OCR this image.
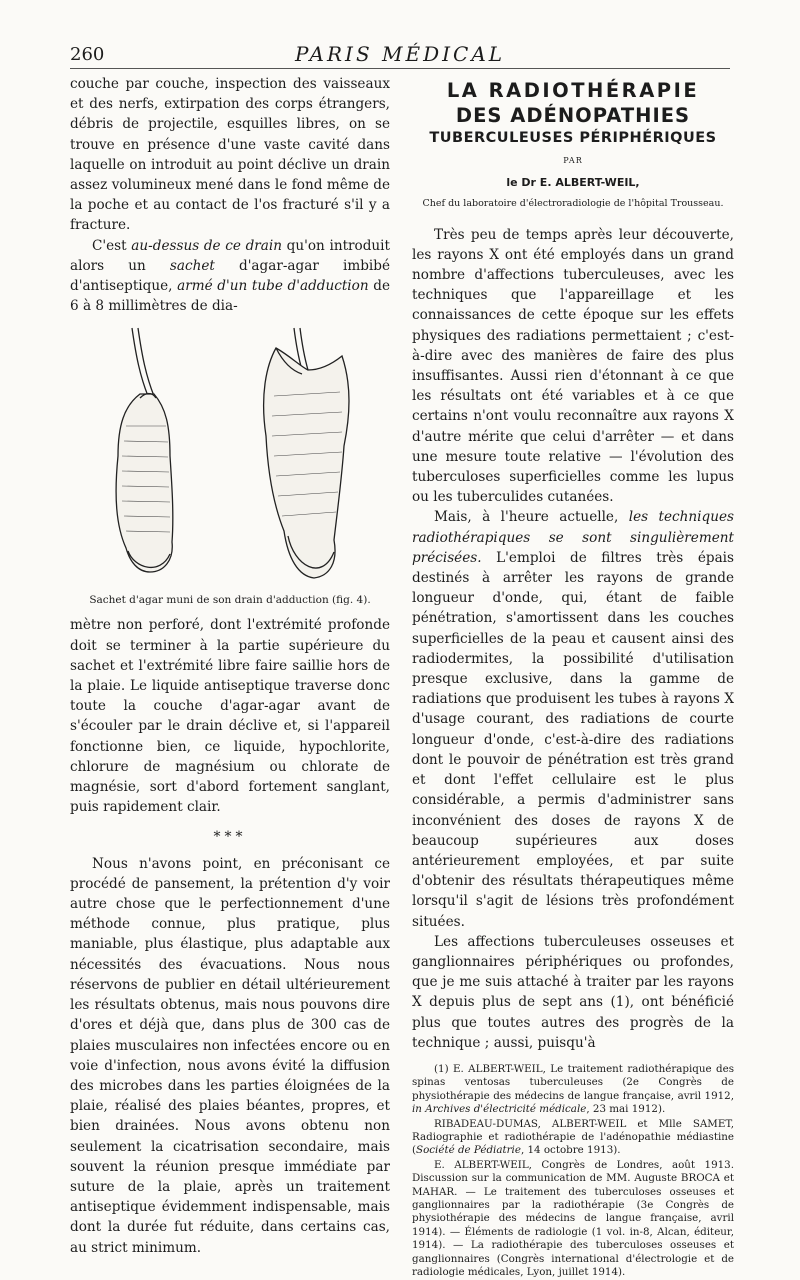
260	PARIS MÉDICAL

couche par couche, inspection des vaisseaux et des nerfs, extirpation des corps étrangers, débris de projectile, esquilles libres, on se trouve en présence d'une vaste cavité dans laquelle on introduit au point déclive un drain assez volumineux mené dans le fond même de la poche et au contact de l'os fracturé s'il y a fracture.

C'est au-dessus de ce drain qu'on introduit alors un sachet d'agar-agar imbibé d'antiseptique, armé d'un tube d'adduction de 6 à 8 millimètres de dia-

Sachet d'agar muni de son drain d'adduction (fig. 4).

mètre non perforé, dont l'extrémité profonde doit se terminer à la partie supérieure du sachet et l'extrémité libre faire saillie hors de la plaie. Le liquide antiseptique traverse donc toute la couche d'agar-agar avant de s'écouler par le drain déclive et, si l'appareil fonctionne bien, ce liquide, hypochlorite, chlorure de magnésium ou chlorate de magnésie, sort d'abord fortement sanglant, puis rapidement clair.

***

Nous n'avons point, en préconisant ce procédé de pansement, la prétention d'y voir autre chose que le perfectionnement d'une méthode connue, plus pratique, plus maniable, plus élastique, plus adaptable aux nécessités des évacuations. Nous nous réservons de publier en détail ultérieurement les résultats obtenus, mais nous pouvons dire d'ores et déjà que, dans plus de 300 cas de plaies musculaires non infectées encore ou en voie d'infection, nous avons évité la diffusion des microbes dans les parties éloignées de la plaie, réalisé des plaies béantes, propres, et bien drainées. Nous avons obtenu non seulement la cicatrisation secondaire, mais souvent la réunion presque immédiate par suture de la plaie, après un traitement antiseptique évidemment indispensable, mais dont la durée fut réduite, dans certains cas, au strict minimum.

LA RADIOTHÉRAPIE
DES ADÉNOPATHIES
TUBERCULEUSES PÉRIPHÉRIQUES
PAR
le Dr E. ALBERT-WEIL,
Chef du laboratoire d'électroradiologie de l'hôpital Trousseau.

Très peu de temps après leur découverte, les rayons X ont été employés dans un grand nombre d'affections tuberculeuses, avec les techniques que l'appareillage et les connaissances de cette époque sur les effets physiques des radiations permettaient ; c'est-à-dire avec des manières de faire des plus insuffisantes. Aussi rien d'étonnant à ce que les résultats ont été variables et à ce que certains n'ont voulu reconnaître aux rayons X d'autre mérite que celui d'arrêter — et dans une mesure toute relative — l'évolution des tuberculoses superficielles comme les lupus ou les tuberculides cutanées.

Mais, à l'heure actuelle, les techniques radiothérapiques se sont singulièrement précisées. L'emploi de filtres très épais destinés à arrêter les rayons de grande longueur d'onde, qui, étant de faible pénétration, s'amortissent dans les couches superficielles de la peau et causent ainsi des radiodermites, la possibilité d'utilisation presque exclusive, dans la gamme de radiations que produisent les tubes à rayons X d'usage courant, des radiations de courte longueur d'onde, c'est-à-dire des radiations dont le pouvoir de pénétration est très grand et dont l'effet cellulaire est le plus considérable, a permis d'administrer sans inconvénient des doses de rayons X de beaucoup supérieures aux doses antérieurement employées, et par suite d'obtenir des résultats thérapeutiques même lorsqu'il s'agit de lésions très profondément situées.

Les affections tuberculeuses osseuses et ganglionnaires périphériques ou profondes, que je me suis attaché à traiter par les rayons X depuis plus de sept ans (1), ont bénéficié plus que toutes autres des progrès de la technique ; aussi, puisqu'à

(1) E. ALBERT-WEIL, Le traitement radiothérapique des spinas ventosas tuberculeuses (2e Congrès de physiothérapie des médecins de langue française, avril 1912, in Archives d'électricité médicale, 23 mai 1912).

RIBADEAU-DUMAS, ALBERT-WEIL et Mlle SAMET, Radiographie et radiothérapie de l'adénopathie médiastine (Société de Pédiatrie, 14 octobre 1913).

E. ALBERT-WEIL, Congrès de Londres, août 1913. Discussion sur la communication de MM. Auguste BROCA et MAHAR. — Le traitement des tuberculoses osseuses et ganglionnaires par la radiothérapie (3e Congrès de physiothérapie des médecins de langue française, avril 1914). — Éléments de radiologie (1 vol. in-8, Alcan, éditeur, 1914). — La radiothérapie des tuberculoses osseuses et ganglionnaires (Congrès international d'électrologie et de radiologie médicales, Lyon, juillet 1914).
